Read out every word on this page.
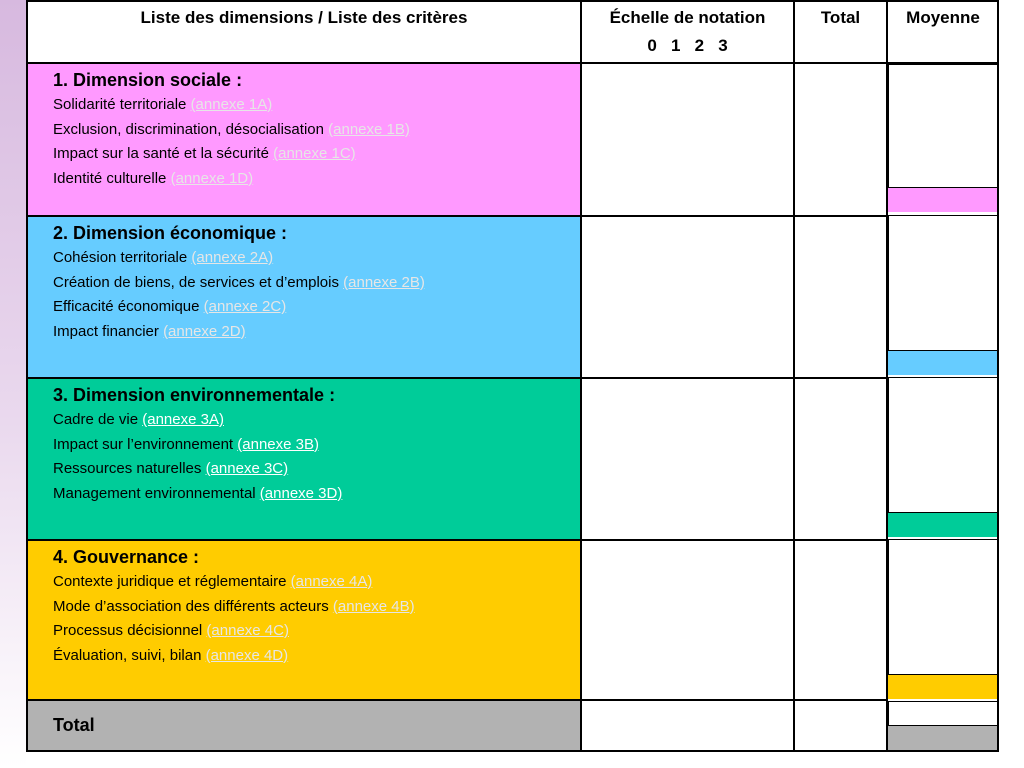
Liste des dimensions / Liste des critères	Échelle de notation
0   1   2   3
Total	Moyenne
1. Dimension sociale :
Solidarité territoriale (annexe 1A)
Exclusion, discrimination, désocialisation (annexe 1B)
Impact sur la santé et la sécurité (annexe 1C)
Identité culturelle (annexe 1D)
2. Dimension économique :
Cohésion territoriale (annexe 2A)
Création de biens, de services et d’emplois (annexe 2B)
Efficacité économique (annexe 2C)
Impact financier (annexe 2D)
3. Dimension environnementale :
Cadre de vie (annexe 3A)
Impact sur l’environnement (annexe 3B)
Ressources naturelles (annexe 3C)
Management environnemental (annexe 3D)
4. Gouvernance :
Contexte juridique et réglementaire (annexe 4A)
Mode d’association des différents acteurs (annexe 4B)
Processus décisionnel (annexe 4C)
Évaluation, suivi, bilan (annexe 4D)
Total
